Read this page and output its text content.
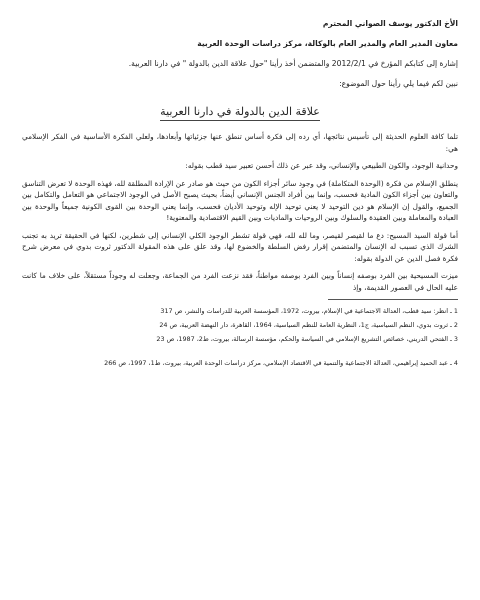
الأخ الدكتور يوسف الصواني المحترم
معاون المدير العام والمدير العام بالوكالة، مركز دراسات الوحدة العربية
إشارة إلى كتابكم المؤرخ في 2012/2/1 والمتضمن أخذ رأينا "حول علاقة الدين بالدولة " في دارنا العربية.
نبين لكم فيما يلي رأينا حول الموضوع:
علاقة الدين بالدولة في دارنا العربية

تلما كافة العلوم الحديثة إلى تأسيس نتائجها، أي رده إلى فكرة أساس تنطق عنها جزئياتها وأبعادها، ولعلي الفكرة الأساسية في الفكر الإسلامي هي:

وحدانية الوجود، والكون الطبيعي والإنساني، وقد عبر عن ذلك أحسن تعبير سيد قطب بقوله:

ينطلق الإسلام من فكرة (الوحدة المتكاملة) في وجود سائر أجزاء الكون من حيث هو صادر عن الإرادة المطلقة لله، فهذه الوحدة لا تعرض التناسق والتعاون بين أجزاء الكون المادية فحسب، وإنما بين أفراد الجنس الإنساني أيضاً، بحيث يصبح الأصل في الوجود الاجتماعي هو التعامل والتكامل بين الجميع، والقول إن الإسلام هو دين التوحيد لا يعني توحيد الإله وتوحيد الأديان فحسب، وإنما يعني الوحدة بين القوى الكونية جميعاً والوحدة بين العبادة والمعاملة وبين العقيدة والسلوك وبين الروحيات والماديات وبين القيم الاقتصادية والمعنوية!

أما قولة السيد المسيح: دع ما لقيصر لقيصر، وما لله لله، فهي قولة تشطر الوجود الكلي الإنساني إلى شطرين، لكنها في الحقيقة تريد به تجنب الشرك الذي تسبب له الإنسان والمتضمن إقرار رفض السلطة والخضوع لها، وقد علق على هذه المقولة الدكتور ثروت بدوي في معرض شرح فكرة فصل الدين عن الدولة بقوله:

ميزت المسيحية بين الفرد بوصفه إنساناً وبين الفرد بوصفه مواطناً، فقد نزعت الفرد من الجماعة، وجعلت له وجوداً مستقلاً، على خلاف ما كانت عليه الحال في العصور القديمة، وإذ

1 ـ انظر: سيد قطب، العدالة الاجتماعية في الإسلام، بيروت، 1972، المؤسسة العربية للدراسات والنشر، ص 317

2 ـ ثروت بدوي، النظم السياسية، ج1، النظرية العامة للنظم السياسية، 1964، القاهرة، دار النهضة العربية، ص 24

3 ـ الفتحي الدريني، خصائص التشريع الإسلامي في السياسة والحكم، مؤسسة الرسالة، بيروت، ط2، 1987، ص 23

4 ـ عبد الحميد إبراهيمي، العدالة الاجتماعية والتنمية في الاقتصاد الإسلامي، مركز دراسات الوحدة العربية، بيروت، ط1، 1997، ص 266
